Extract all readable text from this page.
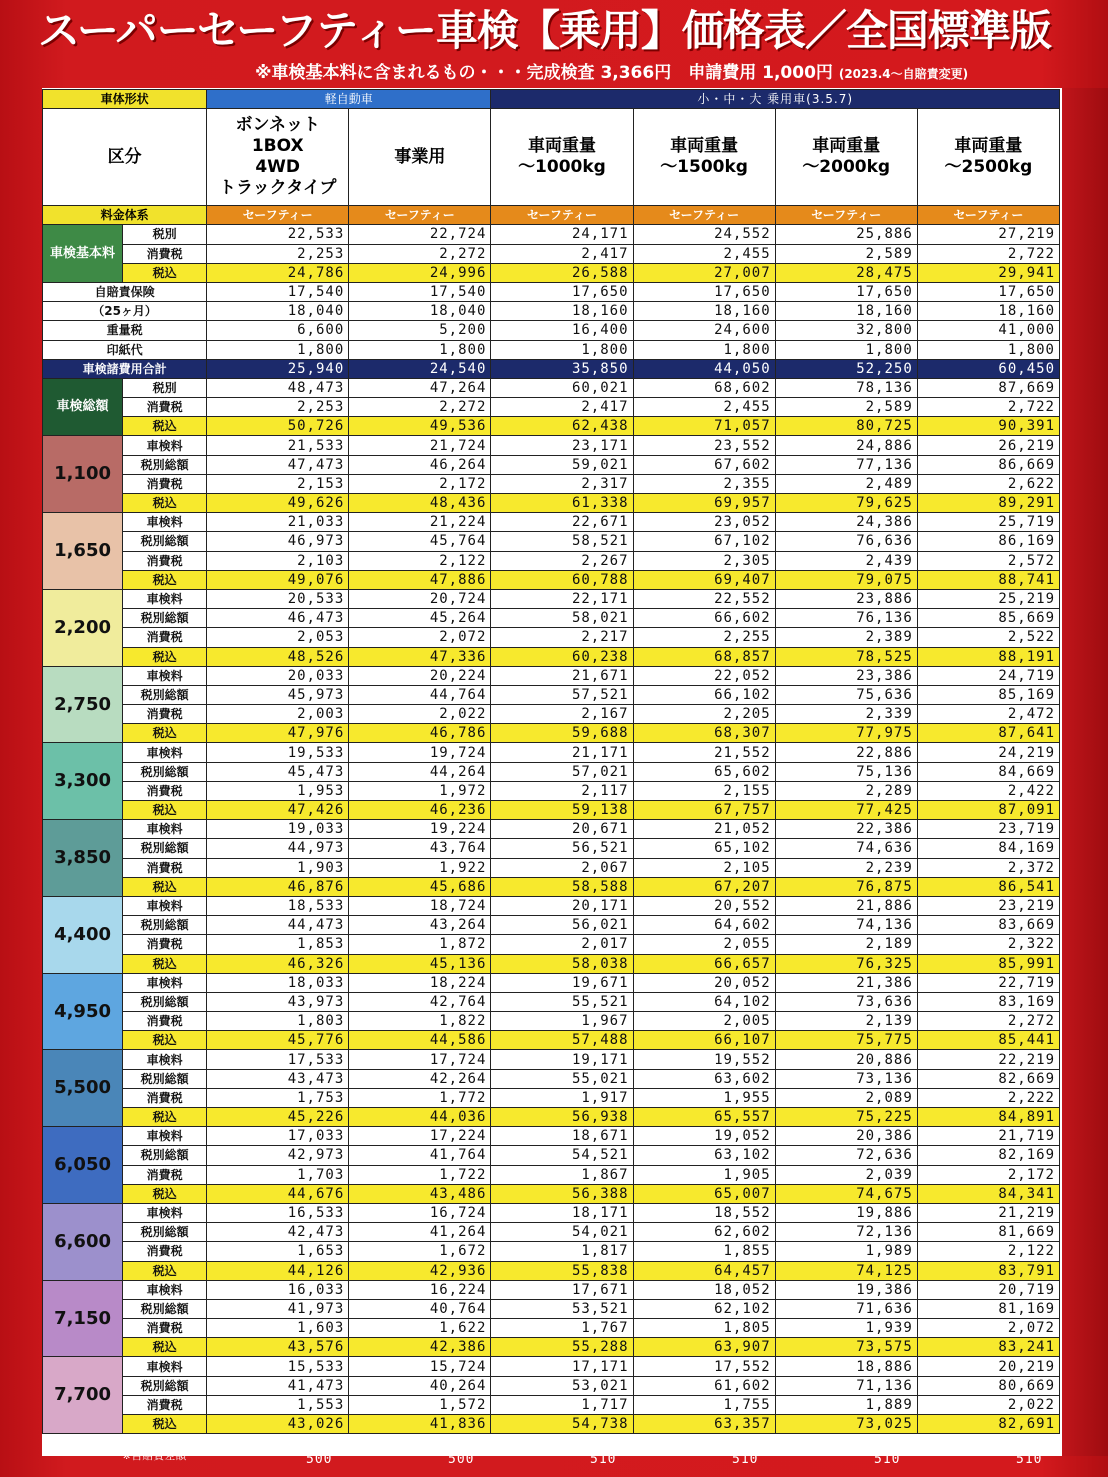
スーパーセーフティー車検【乗用】価格表／全国標準版
※車検基本料に含まれるもの・・・完成検査 3,366円　申請費用 1,000円 (2023.4～自賠責変更)
車体形状		軽自動車		小・中・大 乗用車(3.5.7)			
区分		ボンネット
1BOX
4WD
トラックタイプ	事業用	車両重量
～1000kg	車両重量
～1500kg	車両重量
～2000kg	車両重量
～2500kg
料金体系		セーフティー	セーフティー	セーフティー	セーフティー	セーフティー	セーフティー
車検基本料	税別	22,533	22,724	24,171	24,552	25,886	27,219
	消費税	2,253	2,272	2,417	2,455	2,589	2,722
	税込	24,786	24,996	26,588	27,007	28,475	29,941
自賠責保険		17,540	17,540	17,650	17,650	17,650	17,650
（25ヶ月）		18,040	18,040	18,160	18,160	18,160	18,160
重量税		6,600	5,200	16,400	24,600	32,800	41,000
印紙代		1,800	1,800	1,800	1,800	1,800	1,800
車検諸費用合計		25,940	24,540	35,850	44,050	52,250	60,450
車検総額	税別	48,473	47,264	60,021	68,602	78,136	87,669
	消費税	2,253	2,272	2,417	2,455	2,589	2,722
	税込	50,726	49,536	62,438	71,057	80,725	90,391
1,100	車検料	21,533	21,724	23,171	23,552	24,886	26,219
	税別総額	47,473	46,264	59,021	67,602	77,136	86,669
	消費税	2,153	2,172	2,317	2,355	2,489	2,622
	税込	49,626	48,436	61,338	69,957	79,625	89,291
1,650	車検料	21,033	21,224	22,671	23,052	24,386	25,719
	税別総額	46,973	45,764	58,521	67,102	76,636	86,169
	消費税	2,103	2,122	2,267	2,305	2,439	2,572
	税込	49,076	47,886	60,788	69,407	79,075	88,741
2,200	車検料	20,533	20,724	22,171	22,552	23,886	25,219
	税別総額	46,473	45,264	58,021	66,602	76,136	85,669
	消費税	2,053	2,072	2,217	2,255	2,389	2,522
	税込	48,526	47,336	60,238	68,857	78,525	88,191
2,750	車検料	20,033	20,224	21,671	22,052	23,386	24,719
	税別総額	45,973	44,764	57,521	66,102	75,636	85,169
	消費税	2,003	2,022	2,167	2,205	2,339	2,472
	税込	47,976	46,786	59,688	68,307	77,975	87,641
3,300	車検料	19,533	19,724	21,171	21,552	22,886	24,219
	税別総額	45,473	44,264	57,021	65,602	75,136	84,669
	消費税	1,953	1,972	2,117	2,155	2,289	2,422
	税込	47,426	46,236	59,138	67,757	77,425	87,091
3,850	車検料	19,033	19,224	20,671	21,052	22,386	23,719
	税別総額	44,973	43,764	56,521	65,102	74,636	84,169
	消費税	1,903	1,922	2,067	2,105	2,239	2,372
	税込	46,876	45,686	58,588	67,207	76,875	86,541
4,400	車検料	18,533	18,724	20,171	20,552	21,886	23,219
	税別総額	44,473	43,264	56,021	64,602	74,136	83,669
	消費税	1,853	1,872	2,017	2,055	2,189	2,322
	税込	46,326	45,136	58,038	66,657	76,325	85,991
4,950	車検料	18,033	18,224	19,671	20,052	21,386	22,719
	税別総額	43,973	42,764	55,521	64,102	73,636	83,169
	消費税	1,803	1,822	1,967	2,005	2,139	2,272
	税込	45,776	44,586	57,488	66,107	75,775	85,441
5,500	車検料	17,533	17,724	19,171	19,552	20,886	22,219
	税別総額	43,473	42,264	55,021	63,602	73,136	82,669
	消費税	1,753	1,772	1,917	1,955	2,089	2,222
	税込	45,226	44,036	56,938	65,557	75,225	84,891
6,050	車検料	17,033	17,224	18,671	19,052	20,386	21,719
	税別総額	42,973	41,764	54,521	63,102	72,636	82,169
	消費税	1,703	1,722	1,867	1,905	2,039	2,172
	税込	44,676	43,486	56,388	65,007	74,675	84,341
6,600	車検料	16,533	16,724	18,171	18,552	19,886	21,219
	税別総額	42,473	41,264	54,021	62,602	72,136	81,669
	消費税	1,653	1,672	1,817	1,855	1,989	2,122
	税込	44,126	42,936	55,838	64,457	74,125	83,791
7,150	車検料	16,033	16,224	17,671	18,052	19,386	20,719
	税別総額	41,973	40,764	53,521	62,102	71,636	81,169
	消費税	1,603	1,622	1,767	1,805	1,939	2,072
	税込	43,576	42,386	55,288	63,907	73,575	83,241
7,700	車検料	15,533	15,724	17,171	17,552	18,886	20,219
	税別総額	41,473	40,264	53,021	61,602	71,136	80,669
	消費税	1,553	1,572	1,717	1,755	1,889	2,022
	税込	43,026	41,836	54,738	63,357	73,025	82,691
※自賠責差額	500	500	510	510	510	510
